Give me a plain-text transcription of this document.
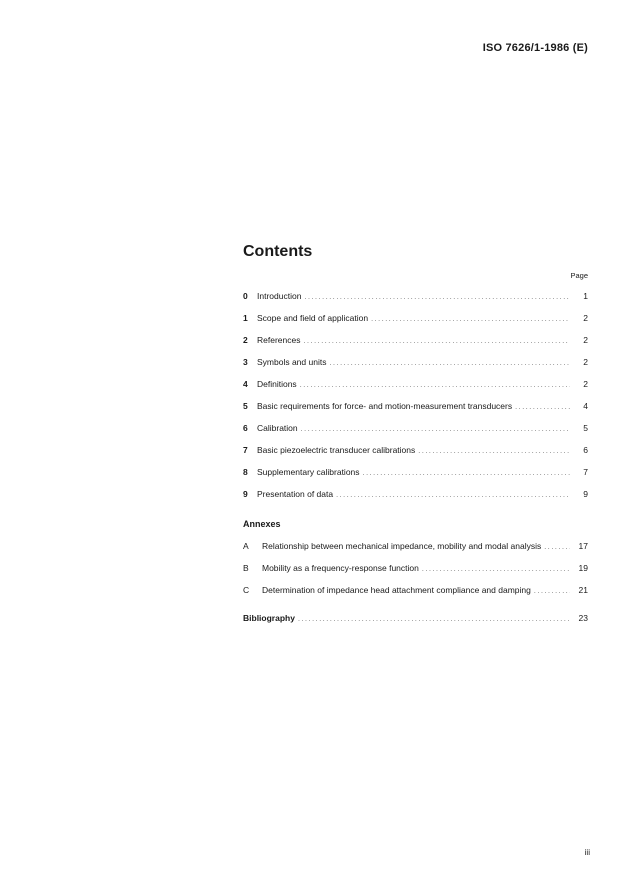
ISO 7626/1-1986 (E)
Contents
Page
0	Introduction .....	1
1	Scope and field of application .....	2
2	References .....	2
3	Symbols and units .....	2
4	Definitions .....	2
5	Basic requirements for force- and motion-measurement transducers .....	4
6	Calibration .....	5
7	Basic piezoelectric transducer calibrations .....	6
8	Supplementary calibrations .....	7
9	Presentation of data .....	9
Annexes
A	Relationship between mechanical impedance, mobility and modal analysis .....	17
B	Mobility as a frequency-response function .....	19
C	Determination of impedance head attachment compliance and damping .....	21
Bibliography .....	23
iii
